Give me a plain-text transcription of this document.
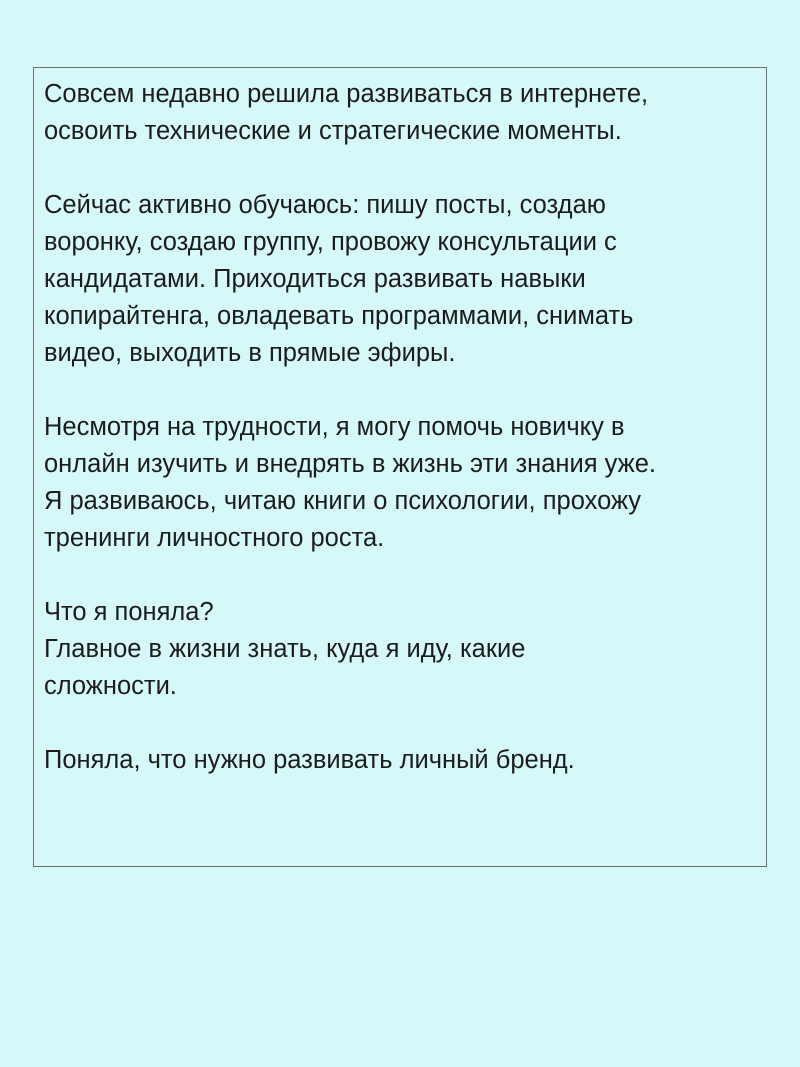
Совсем недавно решила развиваться в интернете,
освоить технические и стратегические моменты.

Сейчас активно обучаюсь: пишу посты, создаю
воронку, создаю группу, провожу консультации с
кандидатами. Приходиться развивать навыки
копирайтенга, овладевать программами, снимать
видео, выходить в прямые эфиры.

Несмотря на трудности, я могу помочь новичку в
онлайн изучить и внедрять в жизнь эти знания уже.
Я развиваюсь, читаю книги о психологии, прохожу
тренинги личностного роста.

Что я поняла?
Главное в жизни знать, куда я иду, какие
сложности.

Поняла, что нужно развивать личный бренд.
